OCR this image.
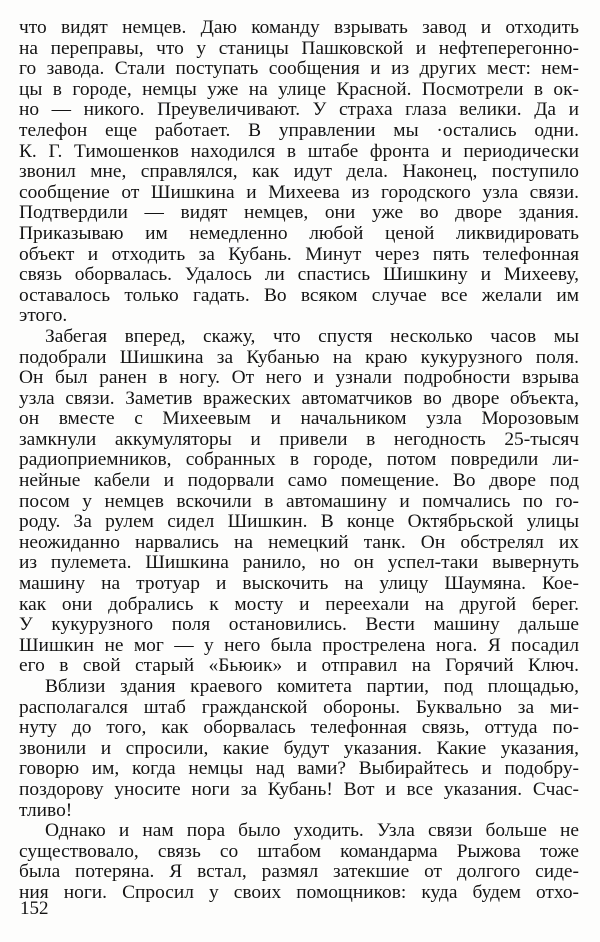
что видят немцев. Даю команду взрывать завод и отходить
на переправы, что у станицы Пашковской и нефтеперегонно-
го завода. Стали поступать сообщения и из других мест: нем-
цы в городе, немцы уже на улице Красной. Посмотрели в ок-
но — никого. Преувеличивают. У страха глаза велики. Да и
телефон еще работает. В управлении мы ·остались одни.
К. Г. Тимошенков находился в штабе фронта и периодически
звонил мне, справлялся, как идут дела. Наконец, поступило
сообщение от Шишкина и Михеева из городского узла связи.
Подтвердили — видят немцев, они уже во дворе здания.
Приказываю им немедленно любой ценой ликвидировать
объект и отходить за Кубань. Минут через пять телефонная
связь оборвалась. Удалось ли спастись Шишкину и Михееву,
оставалось только гадать. Во всяком случае все желали им
этого.
Забегая вперед, скажу, что спустя несколько часов мы
подобрали Шишкина за Кубанью на краю кукурузного поля.
Он был ранен в ногу. От него и узнали подробности взрыва
узла связи. Заметив вражеских автоматчиков во дворе объекта,
он вместе с Михеевым и начальником узла Морозовым
замкнули аккумуляторы и привели в негодность 25-тысяч
радиоприемников, собранных в городе, потом повредили ли-
нейные кабели и подорвали само помещение. Во дворе под
посом у немцев вскочили в автомашину и помчались по го-
роду. За рулем сидел Шишкин. В конце Октябрьской улицы
неожиданно нарвались на немецкий танк. Он обстрелял их
из пулемета. Шишкина ранило, но он успел-таки вывернуть
машину на тротуар и выскочить на улицу Шаумяна. Кое-
как они добрались к мосту и переехали на другой берег.
У кукурузного поля остановились. Вести машину дальше
Шишкин не мог — у него была прострелена нога. Я посадил
его в свой старый «Бьюик» и отправил на Горячий Ключ.
Вблизи здания краевого комитета партии, под площадью,
располагался штаб гражданской обороны. Буквально за ми-
нуту до того, как оборвалась телефонная связь, оттуда по-
звонили и спросили, какие будут указания. Какие указания,
говорю им, когда немцы над вами? Выбирайтесь и подобру-
поздорову уносите ноги за Кубань! Вот и все указания. Счас-
тливо!
Однако и нам пора было уходить. Узла связи больше не
существовало, связь со штабом командарма Рыжова тоже
была потеряна. Я встал, размял затекшие от долгого сиде-
ния ноги. Спросил у своих помощников: куда будем отхо-
152
